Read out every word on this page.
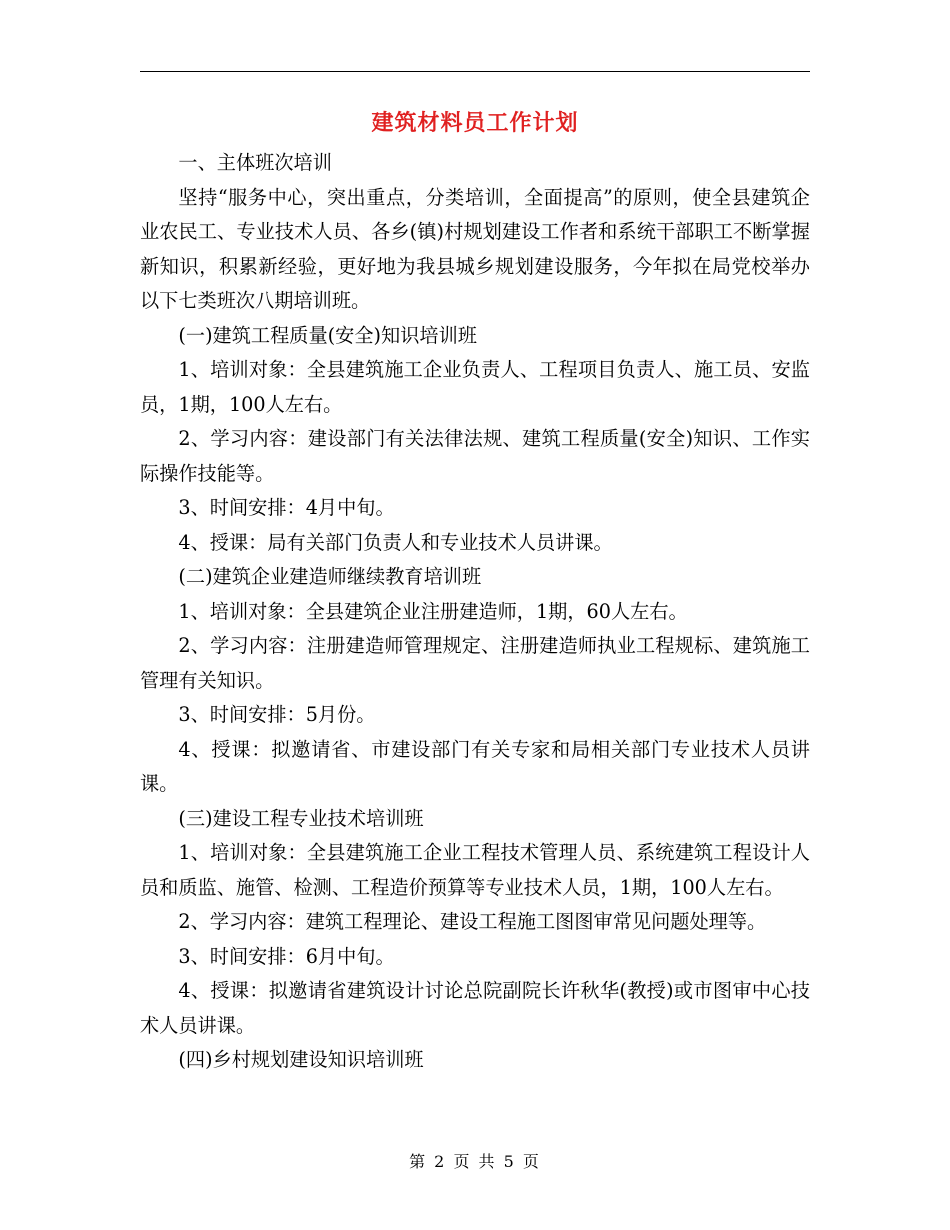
建筑材料员工作计划

一、主体班次培训

坚持“服务中心，突出重点，分类培训，全面提高”的原则，使全县建筑企业农民工、专业技术人员、各乡(镇)村规划建设工作者和系统干部职工不断掌握新知识，积累新经验，更好地为我县城乡规划建设服务，今年拟在局党校举办以下七类班次八期培训班。

(一)建筑工程质量(安全)知识培训班

1、培训对象：全县建筑施工企业负责人、工程项目负责人、施工员、安监员，1期，100人左右。

2、学习内容：建设部门有关法律法规、建筑工程质量(安全)知识、工作实际操作技能等。

3、时间安排：4月中旬。

4、授课：局有关部门负责人和专业技术人员讲课。

(二)建筑企业建造师继续教育培训班

1、培训对象：全县建筑企业注册建造师，1期，60人左右。

2、学习内容：注册建造师管理规定、注册建造师执业工程规标、建筑施工管理有关知识。

3、时间安排：5月份。

4、授课：拟邀请省、市建设部门有关专家和局相关部门专业技术人员讲课。

(三)建设工程专业技术培训班

1、培训对象：全县建筑施工企业工程技术管理人员、系统建筑工程设计人员和质监、施管、检测、工程造价预算等专业技术人员，1期，100人左右。

2、学习内容：建筑工程理论、建设工程施工图图审常见问题处理等。

3、时间安排：6月中旬。

4、授课：拟邀请省建筑设计讨论总院副院长许秋华(教授)或市图审中心技术人员讲课。

(四)乡村规划建设知识培训班

第 2 页 共 5 页
